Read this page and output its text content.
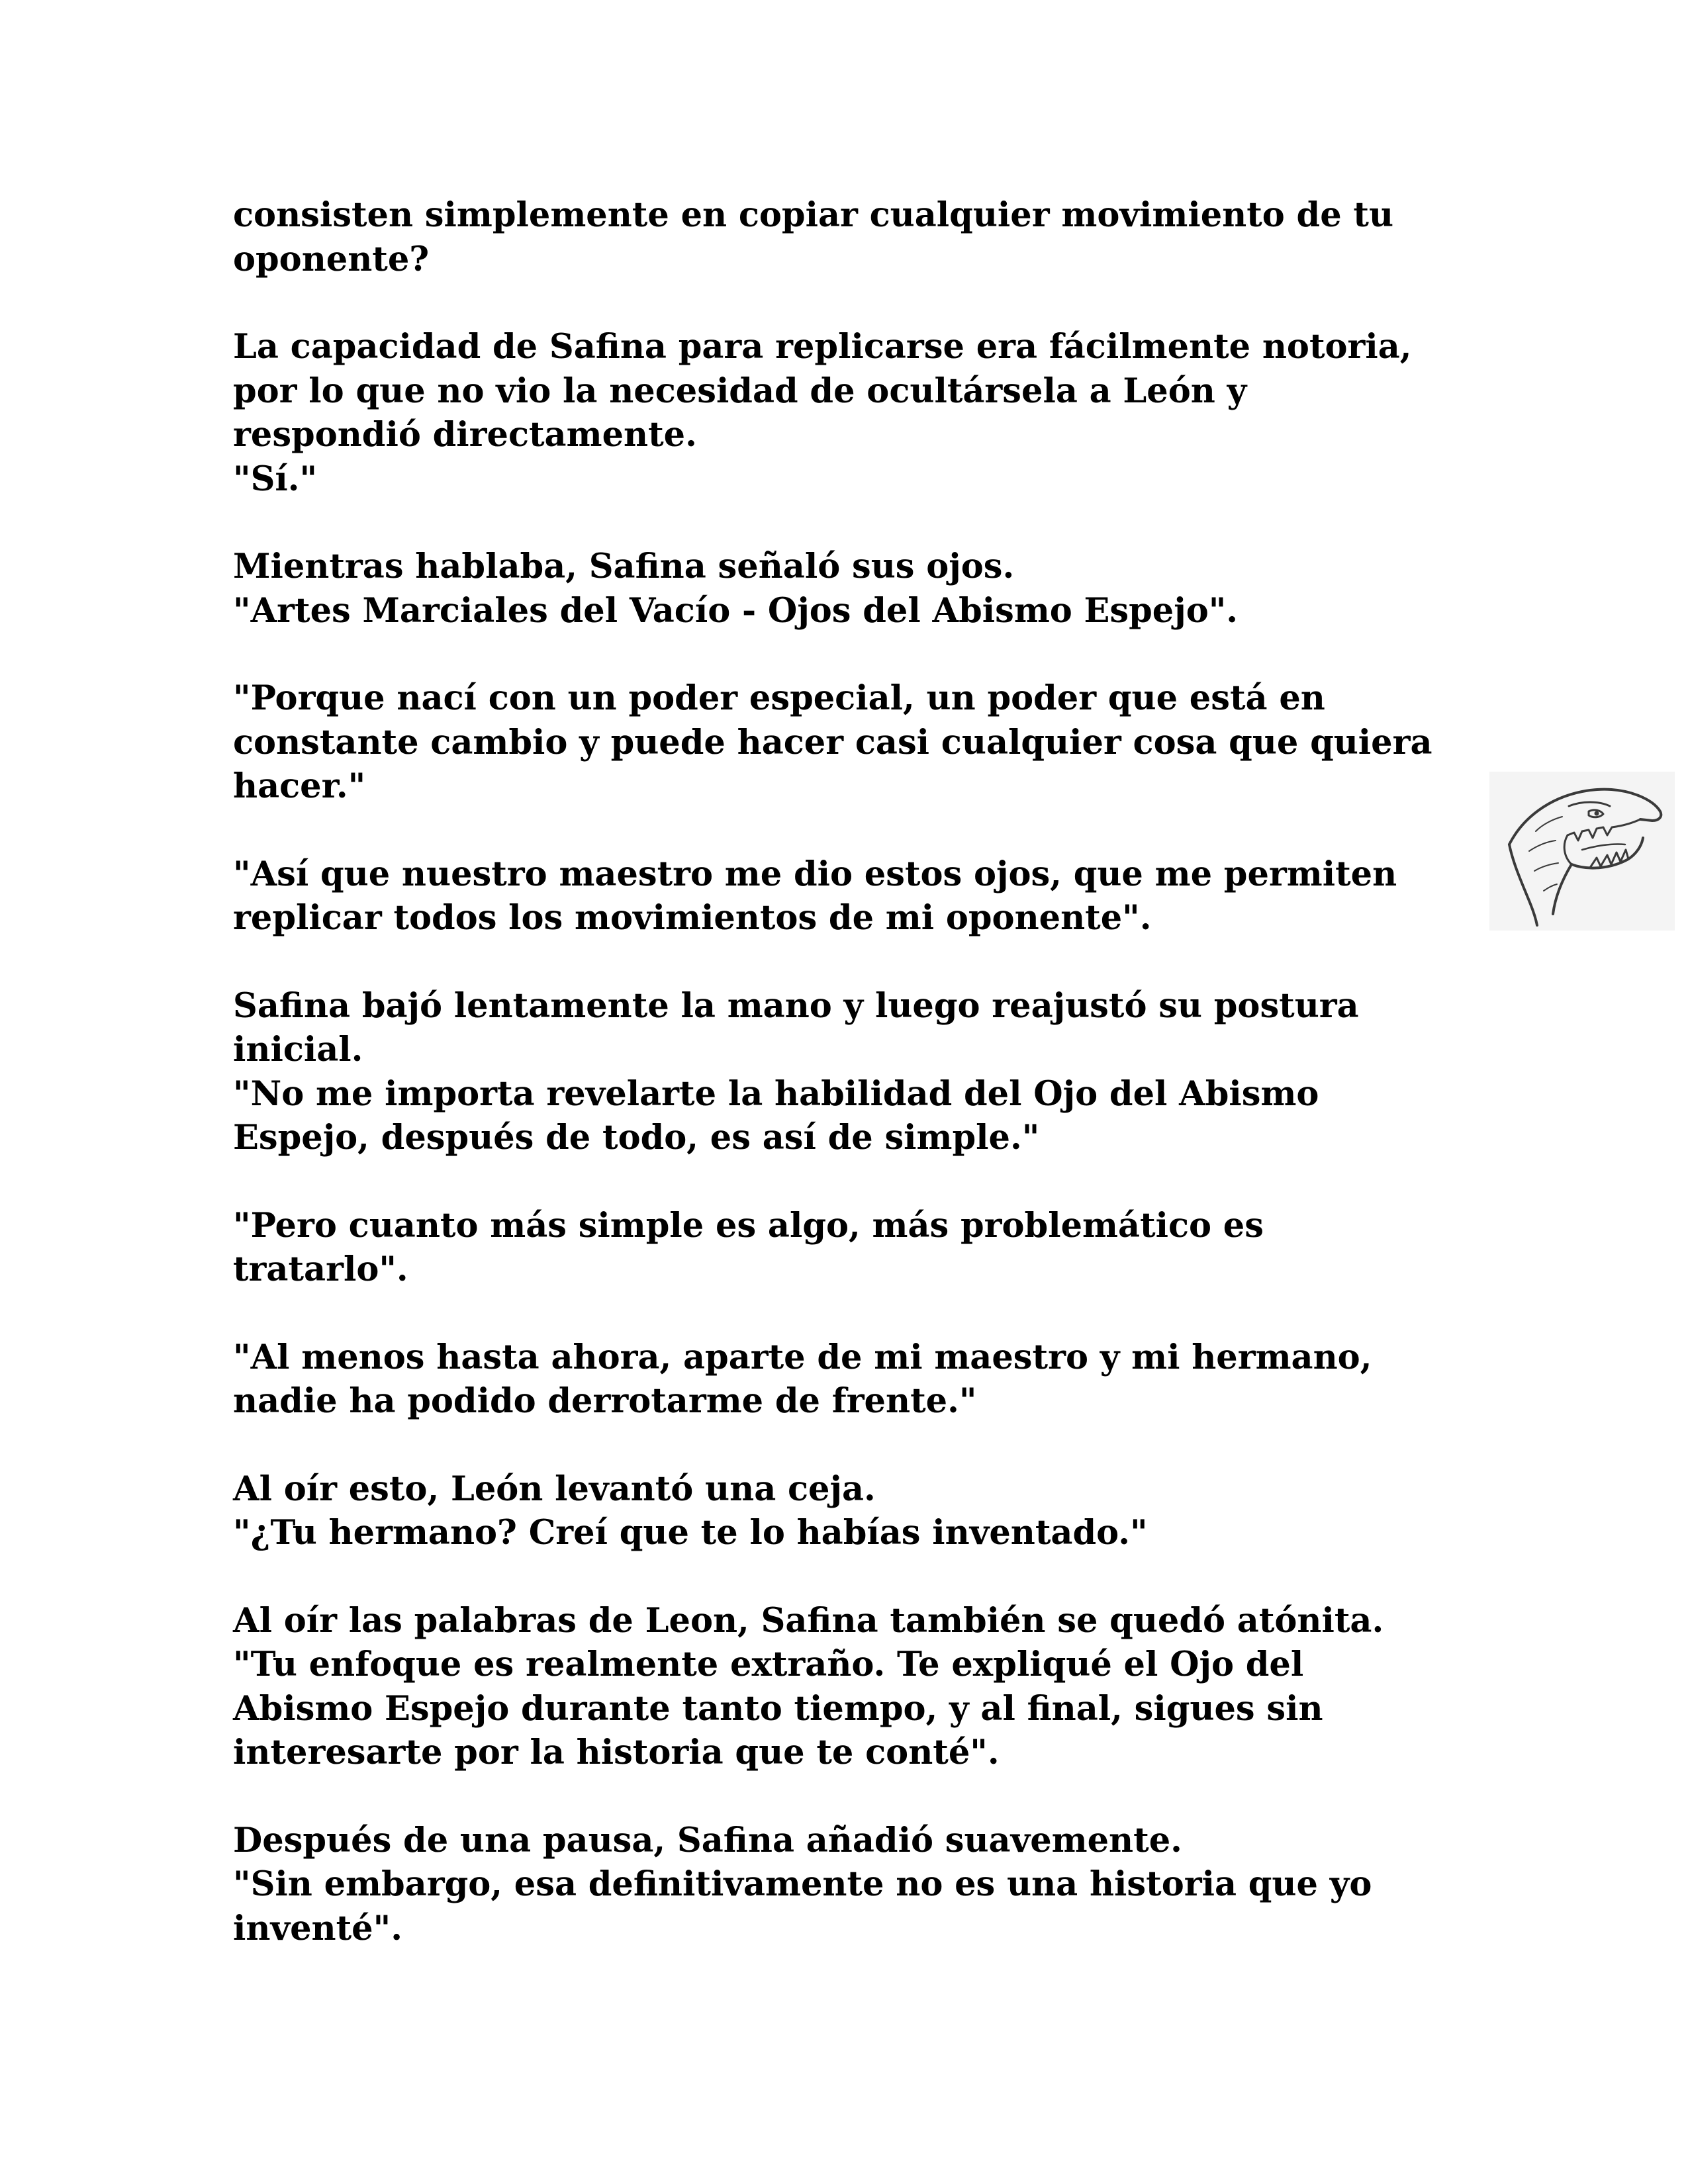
consisten simplemente en copiar cualquier movimiento de tu
oponente?
La capacidad de Safina para replicarse era fácilmente notoria,
por lo que no vio la necesidad de ocultársela a León y
respondió directamente.
"Sí."
Mientras hablaba, Safina señaló sus ojos.
"Artes Marciales del Vacío - Ojos del Abismo Espejo".
"Porque nací con un poder especial, un poder que está en
constante cambio y puede hacer casi cualquier cosa que quiera
hacer."
"Así que nuestro maestro me dio estos ojos, que me permiten
replicar todos los movimientos de mi oponente".
Safina bajó lentamente la mano y luego reajustó su postura
inicial.
"No me importa revelarte la habilidad del Ojo del Abismo
Espejo, después de todo, es así de simple."
"Pero cuanto más simple es algo, más problemático es
tratarlo".
"Al menos hasta ahora, aparte de mi maestro y mi hermano,
nadie ha podido derrotarme de frente."
Al oír esto, León levantó una ceja.
"¿Tu hermano? Creí que te lo habías inventado."
Al oír las palabras de Leon, Safina también se quedó atónita.
"Tu enfoque es realmente extraño. Te expliqué el Ojo del
Abismo Espejo durante tanto tiempo, y al final, sigues sin
interesarte por la historia que te conté".
Después de una pausa, Safina añadió suavemente.
"Sin embargo, esa definitivamente no es una historia que yo
inventé".
